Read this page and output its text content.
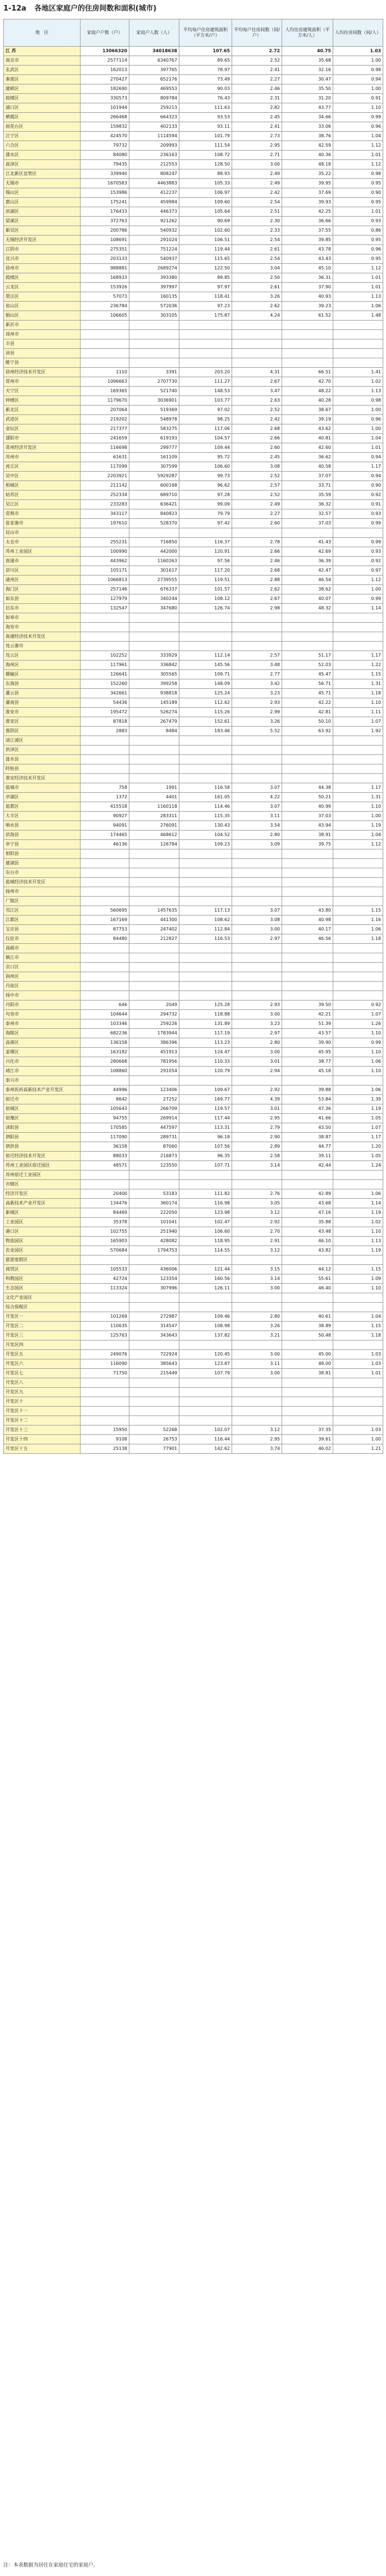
1-12a 各地区家庭户的住房间数和面积(城市)
地　区	家庭户户数（户）	家庭户人数（人）	平均每户住房建筑面积（平方米/户）	平均每户住房间数（间/户）	人均住房建筑面积（平方米/人）	人均住房间数（间/人）
江 苏	13066320	34018638	107.65	2.72	40.75	1.03
南京市	2577114	6340767	89.65	2.52	35.68	1.00
玄武区	162013	397765	78.97	2.41	32.16	0.98
秦淮区	270427	652176	73.49	2.27	30.47	0.94
建邺区	182690	469553	90.03	2.46	35.50	1.00
鼓楼区	330573	809784	76.43	2.31	31.20	0.91
浦口区	101944	259213	111.63	2.82	43.77	1.10
栖霞区	266468	664323	93.53	2.45	34.66	0.99
雨花台区	159832	402133	93.11	2.41	33.06	0.96
江宁区	424570	1114594	101.79	2.73	38.76	1.04
六合区	79732	209993	111.54	2.95	42.59	1.12
溧水区	84080	236163	108.72	2.71	40.36	1.01
高淳区	79435	212553	128.50	3.00	48.18	1.12
江北新区直管区	339940	808247	88.93	2.49	35.22	0.98
无锡市	1670583	4463883	105.33	2.49	39.95	0.95
锡山区	153986	412237	106.97	2.42	37.69	0.90
惠山区	175241	459984	109.60	2.54	39.93	0.95
滨湖区	176433	446373	105.64	2.51	42.25	1.01
梁溪区	372763	921262	90.69	2.30	36.66	0.93
新吴区	200786	540932	102.60	2.33	37.55	0.86
无锡经济开发区	108691	291024	106.51	2.54	39.85	0.95
江阴市	275351	751224	119.44	2.61	43.78	0.96
宜兴市	203133	540937	115.65	2.54	43.43	0.95
徐州市	988881	2689274	122.50	3.04	45.10	1.12
鼓楼区	168933	393380	89.85	2.50	36.31	1.01
云龙区	153926	397997	97.97	2.61	37.90	1.01
贾汪区	57073	160135	118.41	3.26	40.93	1.13
泉山区	236784	572036	97.23	2.62	39.23	1.06
铜山区	106605	303105	175.87	4.24	61.52	1.48
新沂市						
邳州市						
丰县						
沛县						
睢宁县						
徐州经济技术开发区	1110	3391	203.20	4.31	66.51	1.41
常州市	1096663	2707730	111.27	2.67	42.70	1.02
天宁区	169365	521740	148.53	3.47	48.22	1.13
钟楼区	1179670	3036901	103.77	2.63	40.28	0.98
新北区	207064	519369	97.02	2.52	38.67	1.00
武进区	219202	548978	98.25	2.42	39.19	0.96
金坛区	217377	583275	117.06	2.68	43.62	1.00
溧阳市	241659	619193	104.57	2.66	40.81	1.04
常州经济开发区	116698	299777	109.44	2.60	42.60	1.01
苏州市	61631	161109	95.72	2.45	36.62	0.94
虎丘区	117099	307599	106.60	3.08	40.58	1.17
吴中区	2203921	5929287	99.73	2.52	37.07	0.94
相城区	211142	600168	96.62	2.57	33.71	0.90
姑苏区	252334	689710	97.28	2.52	35.59	0.92
吴江区	233283	636421	99.09	2.49	36.32	0.91
常熟市	343117	840823	79.79	2.27	32.57	0.93
张家港市	197610	528370	97.42	2.60	37.03	0.99
昆山市						
太仓市	255231	716850	116.37	2.78	41.43	0.99
苏州工业园区	100990	442000	120.91	2.66	42.69	0.93
南通市	443962	1160263	97.56	2.46	36.39	0.92
崇川区	105171	301617	117.20	2.68	42.47	0.97
通州区	1066813	2739555	119.51	2.88	46.54	1.12
海门区	257146	676337	101.57	2.62	38.62	1.00
如东县	127979	340244	108.12	2.67	40.07	0.99
启东市	132547	347680	126.74	2.98	48.32	1.14
如皋市						
海安市						
南通经济技术开发区						
连云港市						
连云区	102252	333929	112.14	2.57	51.17	1.17
海州区	117961	336842	145.56	3.48	52.03	1.22
赣榆区	126641	305565	109.71	2.77	45.47	1.15
东海县	152260	399258	148.09	3.42	56.71	1.31
灌云县	342661	938818	125.24	3.23	45.71	1.18
灌南县	54436	145189	112.62	2.93	42.22	1.10
淮安市	195472	526274	115.26	2.99	42.81	1.11
淮安区	87818	267479	152.61	3.26	50.10	1.07
淮阴区	2883	8484	183.46	5.52	63.92	1.92
清江浦区						
洪泽区						
涟水县						
盱眙县						
淮安经济技术开发区						
盐城市	758	1991	116.58	3.07	44.38	1.17
亭湖区	1372	4401	161.05	4.22	50.21	1.31
盐都区	415518	1160118	114.46	3.07	40.99	1.10
大丰区	90927	283311	115.35	3.11	37.03	1.00
响水县	94091	276091	130.43	3.54	43.94	1.19
滨海县	174465	468612	104.52	2.80	38.91	1.04
阜宁县	46136	126784	109.23	3.09	39.75	1.12
射阳县						
建湖县						
东台市						
盐城经济技术开发区						
扬州市						
广陵区						
邗江区	560695	1457635	117.13	3.07	43.80	1.15
江都区	167169	441300	108.62	3.08	40.98	1.16
宝应县	87753	247402	112.84	3.00	40.17	1.06
仪征市	84480	212827	116.53	2.97	46.56	1.18
高邮市						
镇江市						
京口区						
润州区						
丹徒区						
扬中市						
丹阳市	646	2049	125.28	2.93	39.50	0.92
句容市	104644	294732	118.88	3.00	42.21	1.07
泰州市	103346	259226	131.89	3.23	51.39	1.26
海陵区	682236	1783944	117.19	2.97	43.57	1.10
高港区	136158	386396	113.23	2.80	39.90	0.99
姜堰区	163182	451913	124.47	3.00	45.95	1.10
兴化市	280668	781956	110.33	3.01	38.77	1.06
靖江市	108860	291054	120.79	2.94	45.18	1.10
泰兴市						
泰州医药高新技术产业开发区	44996	123406	109.67	2.92	39.88	1.06
宿迁市	8642	27252	169.77	4.39	53.84	1.39
宿城区	105643	266709	119.57	3.01	47.36	1.19
宿豫区	94755	269914	117.44	2.95	41.66	1.05
沭阳县	170585	447597	113.31	2.79	43.50	1.07
泗阳县	117090	289731	96.18	2.90	38.87	1.17
泗洪县	36158	87060	107.56	2.89	44.77	1.20
宿迁经济技术开发区	88033	216873	96.35	2.58	39.11	1.05
苏州工业园区宿迁园区	48571	123550	107.71	3.14	42.44	1.24
苏州宿迁工业园区						
市辖区						
经济开发区	20400	53183	111.82	2.76	42.89	1.06
高新技术产业开发区	134476	360174	116.98	3.05	43.68	1.14
新城区	84469	222050	123.98	3.12	47.16	1.19
工业园区	35378	101041	102.47	2.92	35.88	1.02
港口区	102755	251940	106.60	2.70	43.48	1.10
物流园区	165903	428082	118.95	2.91	46.10	1.13
农业园区	570684	1794753	114.55	3.12	43.82	1.19
旅游度假区						
商贸区	105533	436006	121.44	3.15	44.12	1.15
科教园区	42724	123354	160.56	3.14	55.61	1.09
生态园区	113324	307996	126.11	3.00	46.40	1.10
文化产业园区						
综合保税区						
开发区一	101269	272987	109.46	2.80	40.61	1.04
开发区二	110635	314547	108.98	3.26	38.89	1.15
开发区三	125763	343643	137.82	3.21	50.48	1.18
开发区四						
开发区五	249076	722924	120.45	3.00	45.00	1.03
开发区六	116090	385643	123.87	3.11	48.00	1.03
开发区七	71750	215449	107.79	3.00	38.81	1.01
开发区八						
开发区九						
开发区十						
开发区十一						
开发区十二						
开发区十三	15950	52268	102.07	3.12	37.35	1.03
开发区十四	9108	26753	116.44	2.95	39.61	1.00
开发区十五	25138	77901	142.62	3.74	46.02	1.21
注：本表数据为居住在家庭住宅的家庭户。
